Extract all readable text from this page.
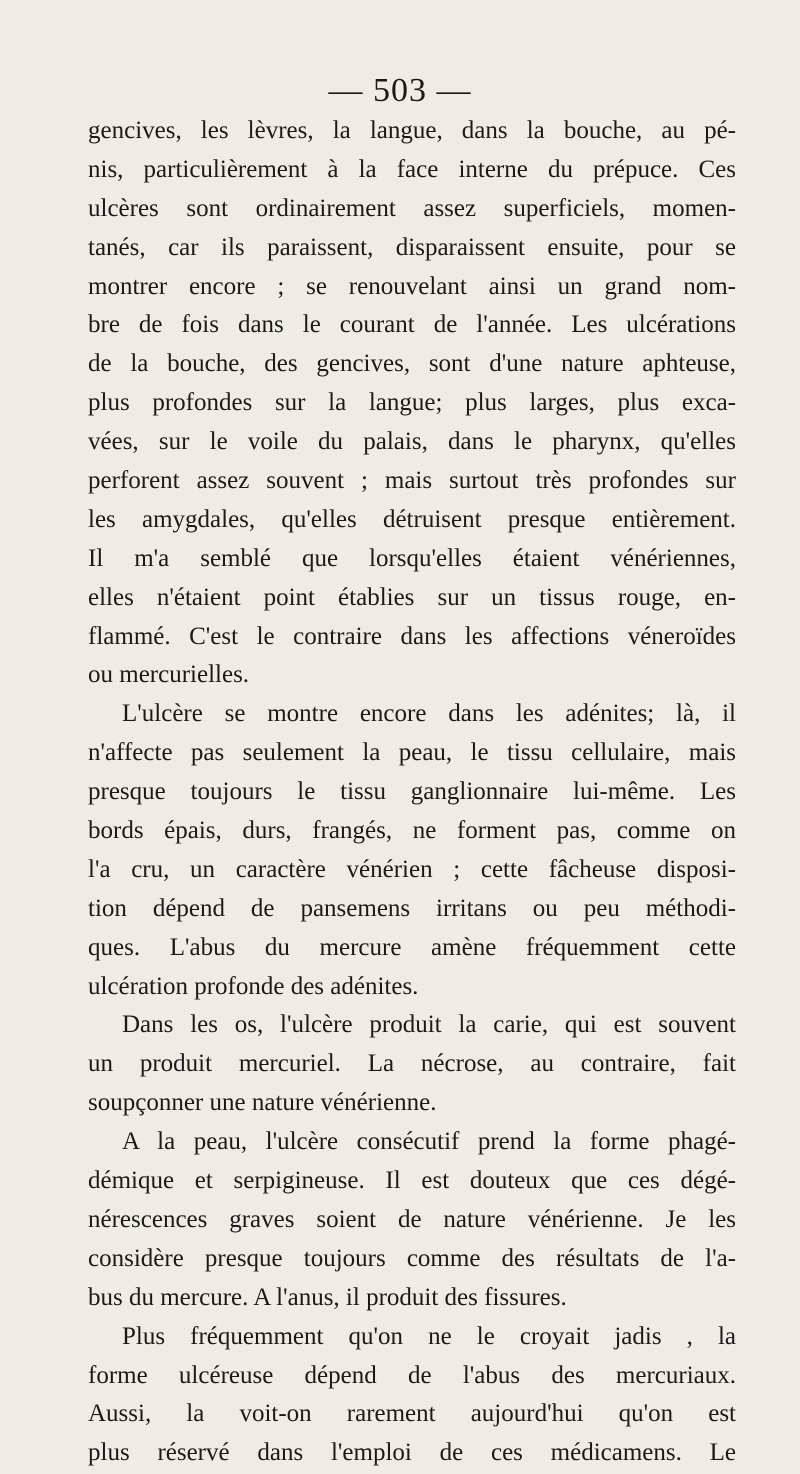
— 503 —
gencives, les lèvres, la langue, dans la bouche, au pé-
nis, particulièrement à la face interne du prépuce. Ces
ulcères sont ordinairement assez superficiels, momen-
tanés, car ils paraissent, disparaissent ensuite, pour se
montrer encore ; se renouvelant ainsi un grand nom-
bre de fois dans le courant de l'année. Les ulcérations
de la bouche, des gencives, sont d'une nature aphteuse,
plus profondes sur la langue; plus larges, plus exca-
vées, sur le voile du palais, dans le pharynx, qu'elles
perforent assez souvent ; mais surtout très profondes sur
les amygdales, qu'elles détruisent presque entièrement.
Il m'a semblé que lorsqu'elles étaient vénériennes,
elles n'étaient point établies sur un tissus rouge, en-
flammé. C'est le contraire dans les affections véneroïdes
ou mercurielles.
L'ulcère se montre encore dans les adénites; là, il
n'affecte pas seulement la peau, le tissu cellulaire, mais
presque toujours le tissu ganglionnaire lui-même. Les
bords épais, durs, frangés, ne forment pas, comme on
l'a cru, un caractère vénérien ; cette fâcheuse disposi-
tion dépend de pansemens irritans ou peu méthodi-
ques. L'abus du mercure amène fréquemment cette
ulcération profonde des adénites.
Dans les os, l'ulcère produit la carie, qui est souvent
un produit mercuriel. La nécrose, au contraire, fait
soupçonner une nature vénérienne.
A la peau, l'ulcère consécutif prend la forme phagé-
démique et serpigineuse. Il est douteux que ces dégé-
nérescences graves soient de nature vénérienne. Je les
considère presque toujours comme des résultats de l'a-
bus du mercure. A l'anus, il produit des fissures.
Plus fréquemment qu'on ne le croyait jadis , la
forme ulcéreuse dépend de l'abus des mercuriaux.
Aussi, la voit-on rarement aujourd'hui qu'on est
plus réservé dans l'emploi de ces médicamens. Le
